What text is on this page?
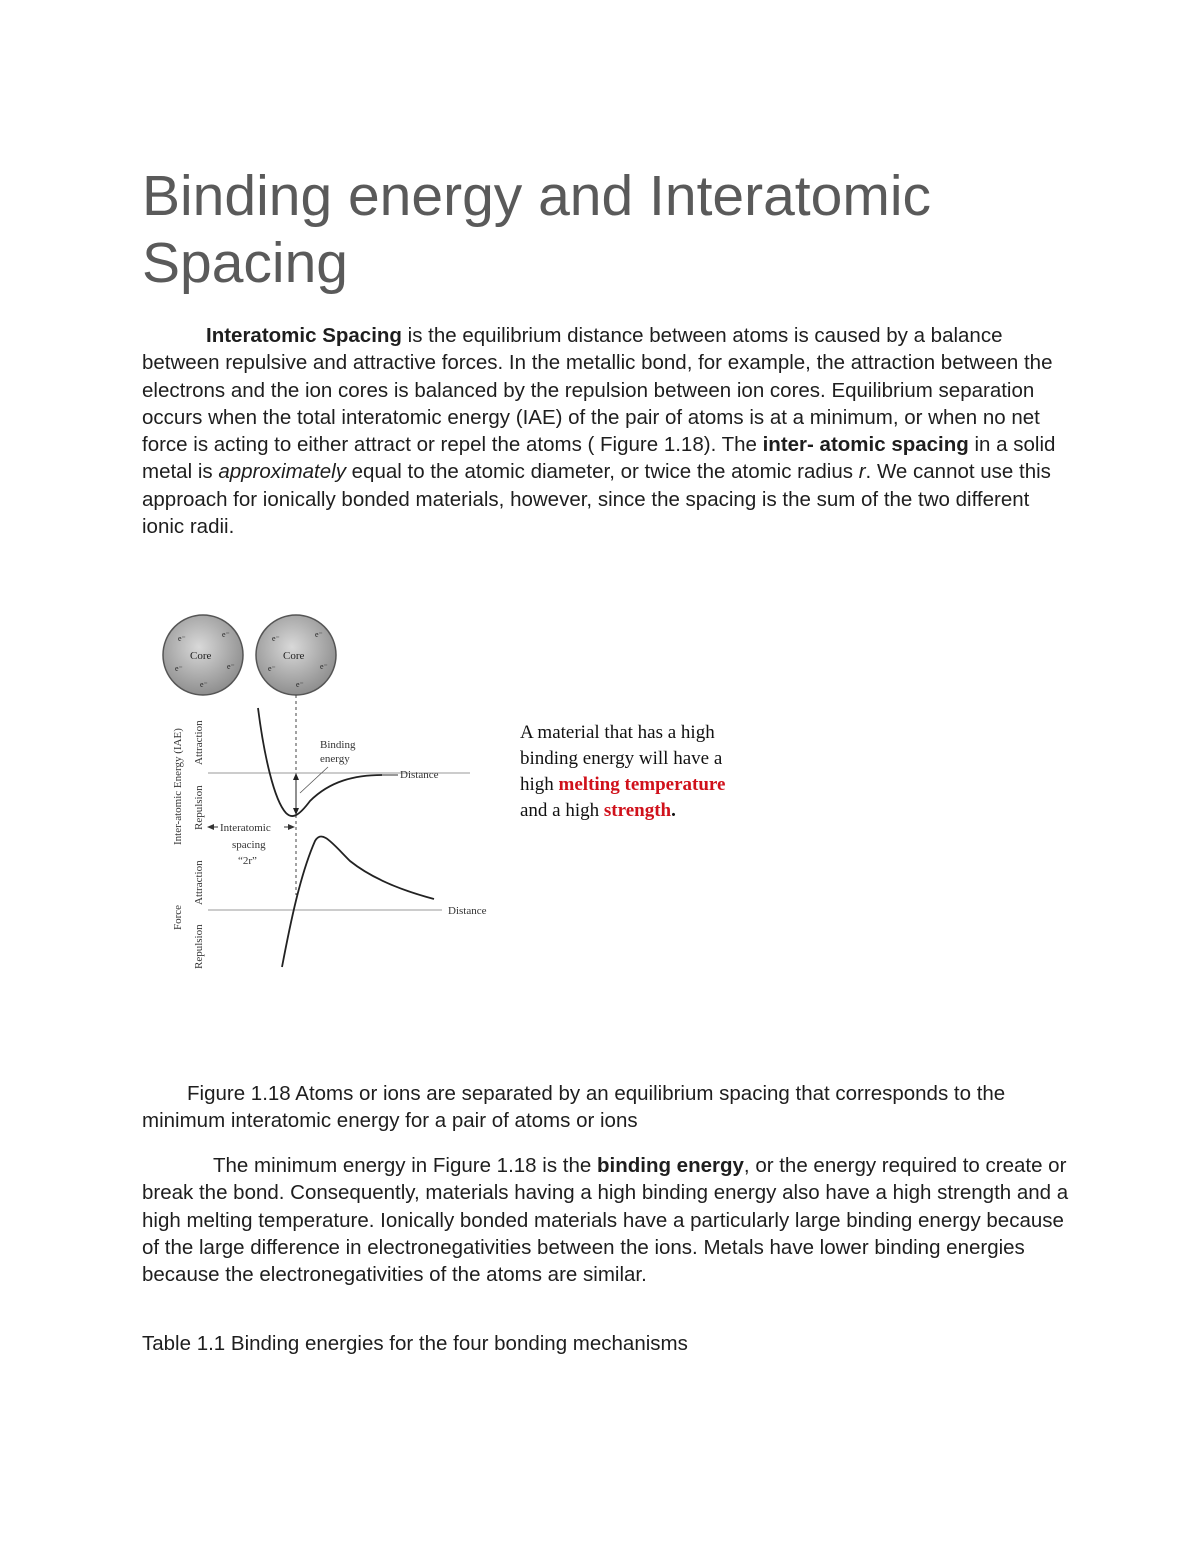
Binding energy and Interatomic Spacing

Interatomic Spacing is the equilibrium distance between atoms is caused by a balance between repulsive and attractive forces. In the metallic bond, for example, the attraction between the electrons and the ion cores is balanced by the repulsion between ion cores. Equilibrium separation occurs when the total interatomic energy (IAE) of the pair of atoms is at a minimum, or when no net force is acting to either attract or repel the atoms ( Figure 1.18). The inter- atomic spacing in a solid metal is approximately equal to the atomic diameter, or twice the atomic radius r. We cannot use this approach for ionically bonded materials, however, since the spacing is the sum of the two different ionic radii.

Core	Core
e⁻	e⁻
e⁻
e⁻
e⁻
e⁻	e⁻
e⁻
e⁻
e⁻
Binding
energy
Distance
Inter-atomic Energy (IAE) Attraction
Repulsion Interatomic
spacing
“2r”
Distance
Force
Attraction
Repulsion
A material that has a high
binding energy will have a
high melting temperature
and a high strength.

Figure 1.18 Atoms or ions are separated by an equilibrium spacing that corresponds to the minimum interatomic energy for a pair of atoms or ions

The minimum energy in Figure 1.18 is the binding energy, or the energy required to create or break the bond. Consequently, materials having a high binding energy also have a high strength and a high melting temperature. Ionically bonded materials have a particularly large binding energy because of the large difference in electronegativities between the ions. Metals have lower binding energies because the electronegativities of the atoms are similar.

Table 1.1 Binding energies for the four bonding mechanisms
